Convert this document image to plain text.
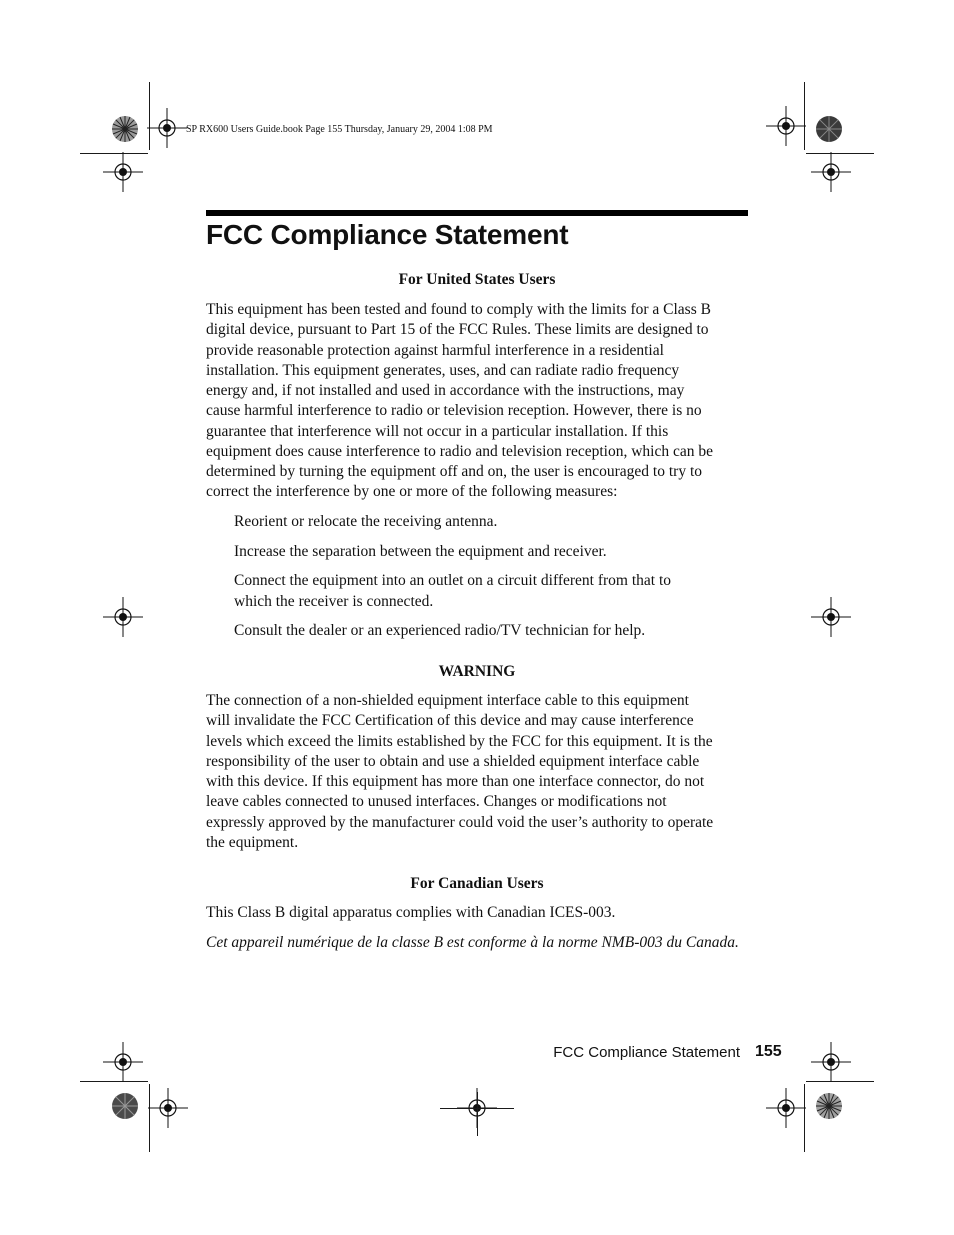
SP RX600 Users Guide.book Page 155 Thursday, January 29, 2004 1:08 PM
FCC Compliance Statement
For United States Users

This equipment has been tested and found to comply with the limits for a Class B
digital device, pursuant to Part 15 of the FCC Rules. These limits are designed to
provide reasonable protection against harmful interference in a residential
installation. This equipment generates, uses, and can radiate radio frequency
energy and, if not installed and used in accordance with the instructions, may
cause harmful interference to radio or television reception. However, there is no
guarantee that interference will not occur in a particular installation. If this
equipment does cause interference to radio and television reception, which can be
determined by turning the equipment off and on, the user is encouraged to try to
correct the interference by one or more of the following measures:

Reorient or relocate the receiving antenna.

Increase the separation between the equipment and receiver.

Connect the equipment into an outlet on a circuit different from that to
which the receiver is connected.

Consult the dealer or an experienced radio/TV technician for help.

WARNING

The connection of a non-shielded equipment interface cable to this equipment
will invalidate the FCC Certification of this device and may cause interference
levels which exceed the limits established by the FCC for this equipment. It is the
responsibility of the user to obtain and use a shielded equipment interface cable
with this device. If this equipment has more than one interface connector, do not
leave cables connected to unused interfaces. Changes or modifications not
expressly approved by the manufacturer could void the user’s authority to operate
the equipment.

For Canadian Users

This Class B digital apparatus complies with Canadian ICES-003.

Cet appareil numérique de la classe B est conforme à la norme NMB-003 du Canada.

FCC Compliance Statement 155
